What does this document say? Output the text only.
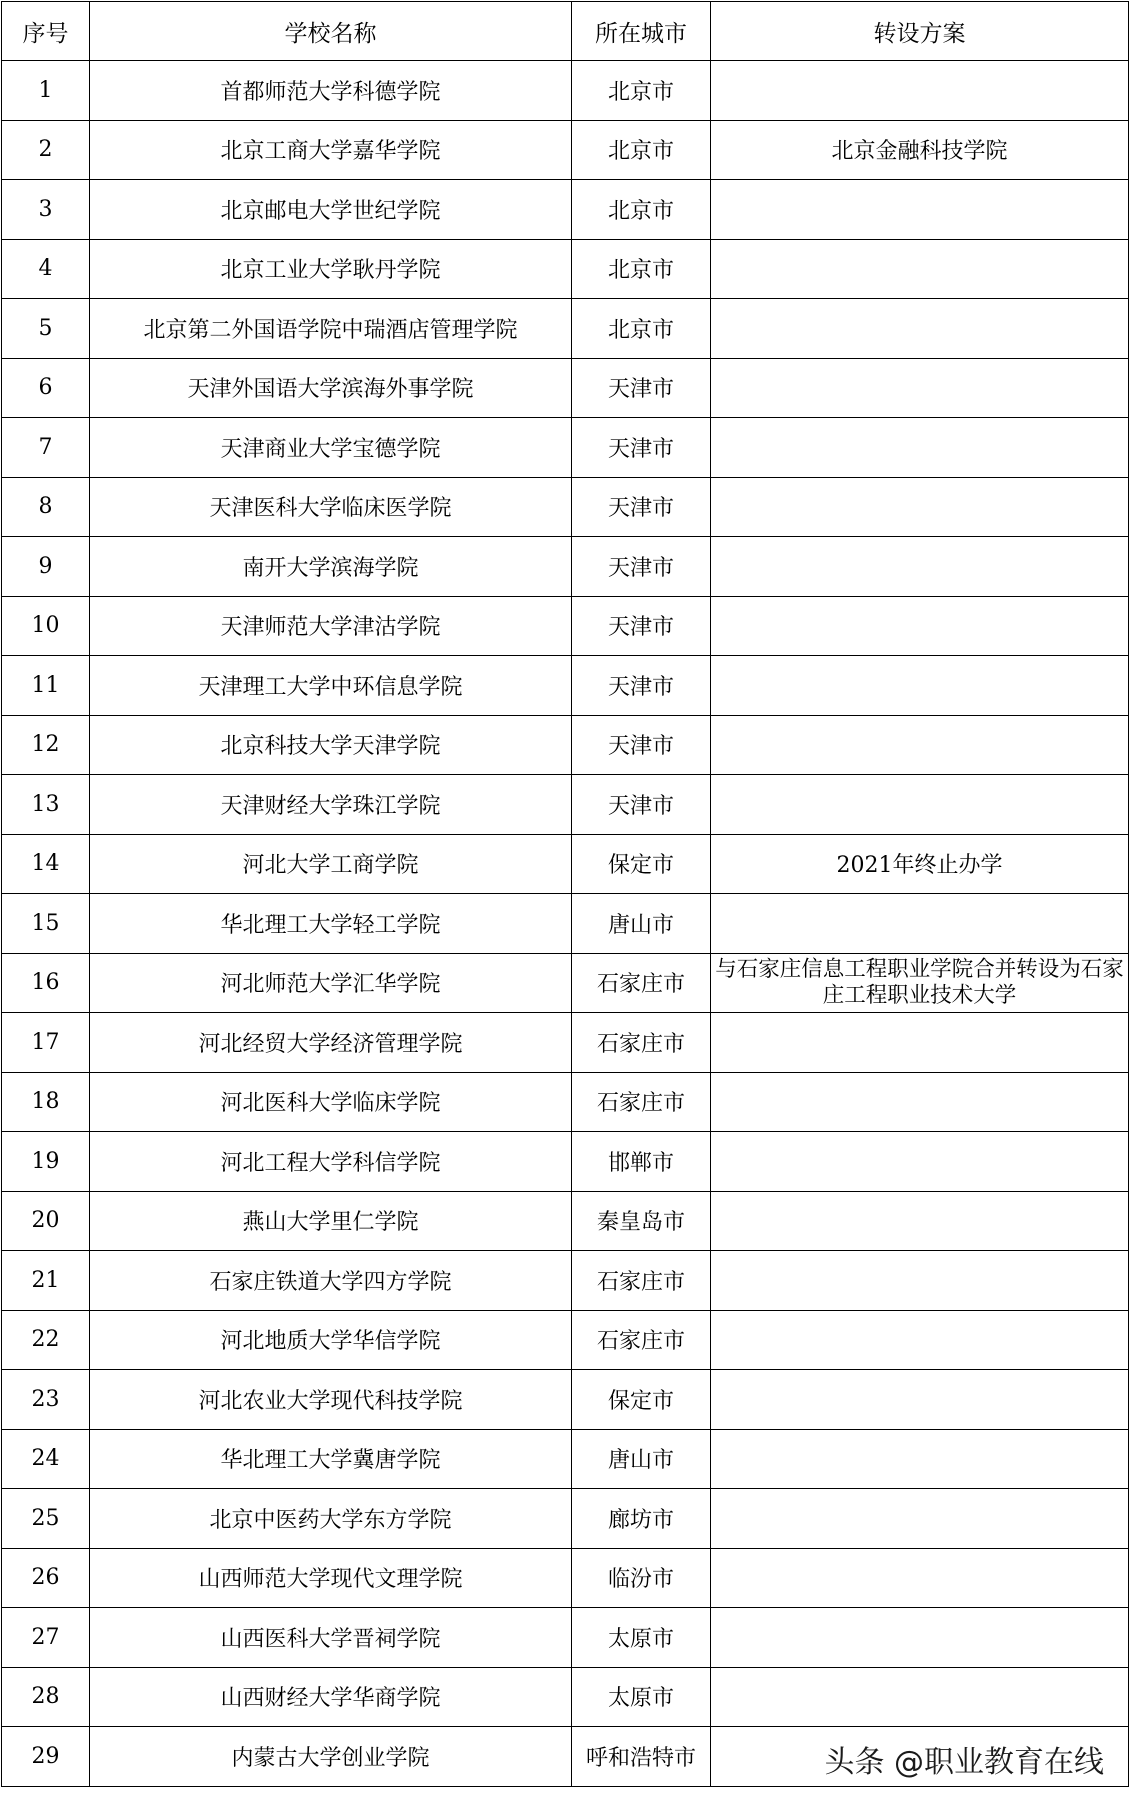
序号	学校名称	所在城市	转设方案
1	首都师范大学科德学院	北京市	
2	北京工商大学嘉华学院	北京市	北京金融科技学院
3	北京邮电大学世纪学院	北京市	
4	北京工业大学耿丹学院	北京市	
5	北京第二外国语学院中瑞酒店管理学院	北京市	
6	天津外国语大学滨海外事学院	天津市	
7	天津商业大学宝德学院	天津市	
8	天津医科大学临床医学院	天津市	
9	南开大学滨海学院	天津市	
10	天津师范大学津沽学院	天津市	
11	天津理工大学中环信息学院	天津市	
12	北京科技大学天津学院	天津市	
13	天津财经大学珠江学院	天津市	
14	河北大学工商学院	保定市	2021年终止办学
15	华北理工大学轻工学院	唐山市	
16	河北师范大学汇华学院	石家庄市	与石家庄信息工程职业学院合并转设为石家庄工程职业技术大学
17	河北经贸大学经济管理学院	石家庄市	
18	河北医科大学临床学院	石家庄市	
19	河北工程大学科信学院	邯郸市	
20	燕山大学里仁学院	秦皇岛市	
21	石家庄铁道大学四方学院	石家庄市	
22	河北地质大学华信学院	石家庄市	
23	河北农业大学现代科技学院	保定市	
24	华北理工大学冀唐学院	唐山市	
25	北京中医药大学东方学院	廊坊市	
26	山西师范大学现代文理学院	临汾市	
27	山西医科大学晋祠学院	太原市	
28	山西财经大学华商学院	太原市	
29	内蒙古大学创业学院	呼和浩特市		头条 @职业教育在线
